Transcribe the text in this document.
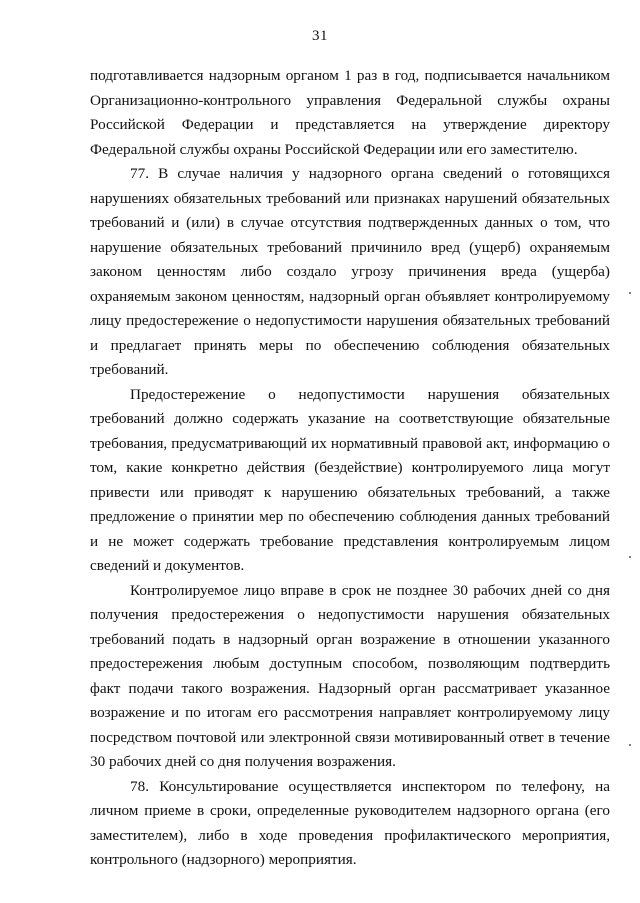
31

подготавливается надзорным органом 1 раз в год, подписывается начальником Организационно-контрольного управления Федеральной службы охраны Российской Федерации и представляется на утверждение директору Федеральной службы охраны Российской Федерации или его заместителю.

77. В случае наличия у надзорного органа сведений о готовящихся нарушениях обязательных требований или признаках нарушений обязательных требований и (или) в случае отсутствия подтвержденных данных о том, что нарушение обязательных требований причинило вред (ущерб) охраняемым законом ценностям либо создало угрозу причинения вреда (ущерба) охраняемым законом ценностям, надзорный орган объявляет контролируемому лицу предостережение о недопустимости нарушения обязательных требований и предлагает принять меры по обеспечению соблюдения обязательных требований.

Предостережение о недопустимости нарушения обязательных требований должно содержать указание на соответствующие обязательные требования, предусматривающий их нормативный правовой акт, информацию о том, какие конкретно действия (бездействие) контролируемого лица могут привести или приводят к нарушению обязательных требований, а также предложение о принятии мер по обеспечению соблюдения данных требований и не может содержать требование представления контролируемым лицом сведений и документов.

Контролируемое лицо вправе в срок не позднее 30 рабочих дней со дня получения предостережения о недопустимости нарушения обязательных требований подать в надзорный орган возражение в отношении указанного предостережения любым доступным способом, позволяющим подтвердить факт подачи такого возражения. Надзорный орган рассматривает указанное возражение и по итогам его рассмотрения направляет контролируемому лицу посредством почтовой или электронной связи мотивированный ответ в течение 30 рабочих дней со дня получения возражения.

78. Консультирование осуществляется инспектором по телефону, на личном приеме в сроки, определенные руководителем надзорного органа (его заместителем), либо в ходе проведения профилактического мероприятия, контрольного (надзорного) мероприятия.
